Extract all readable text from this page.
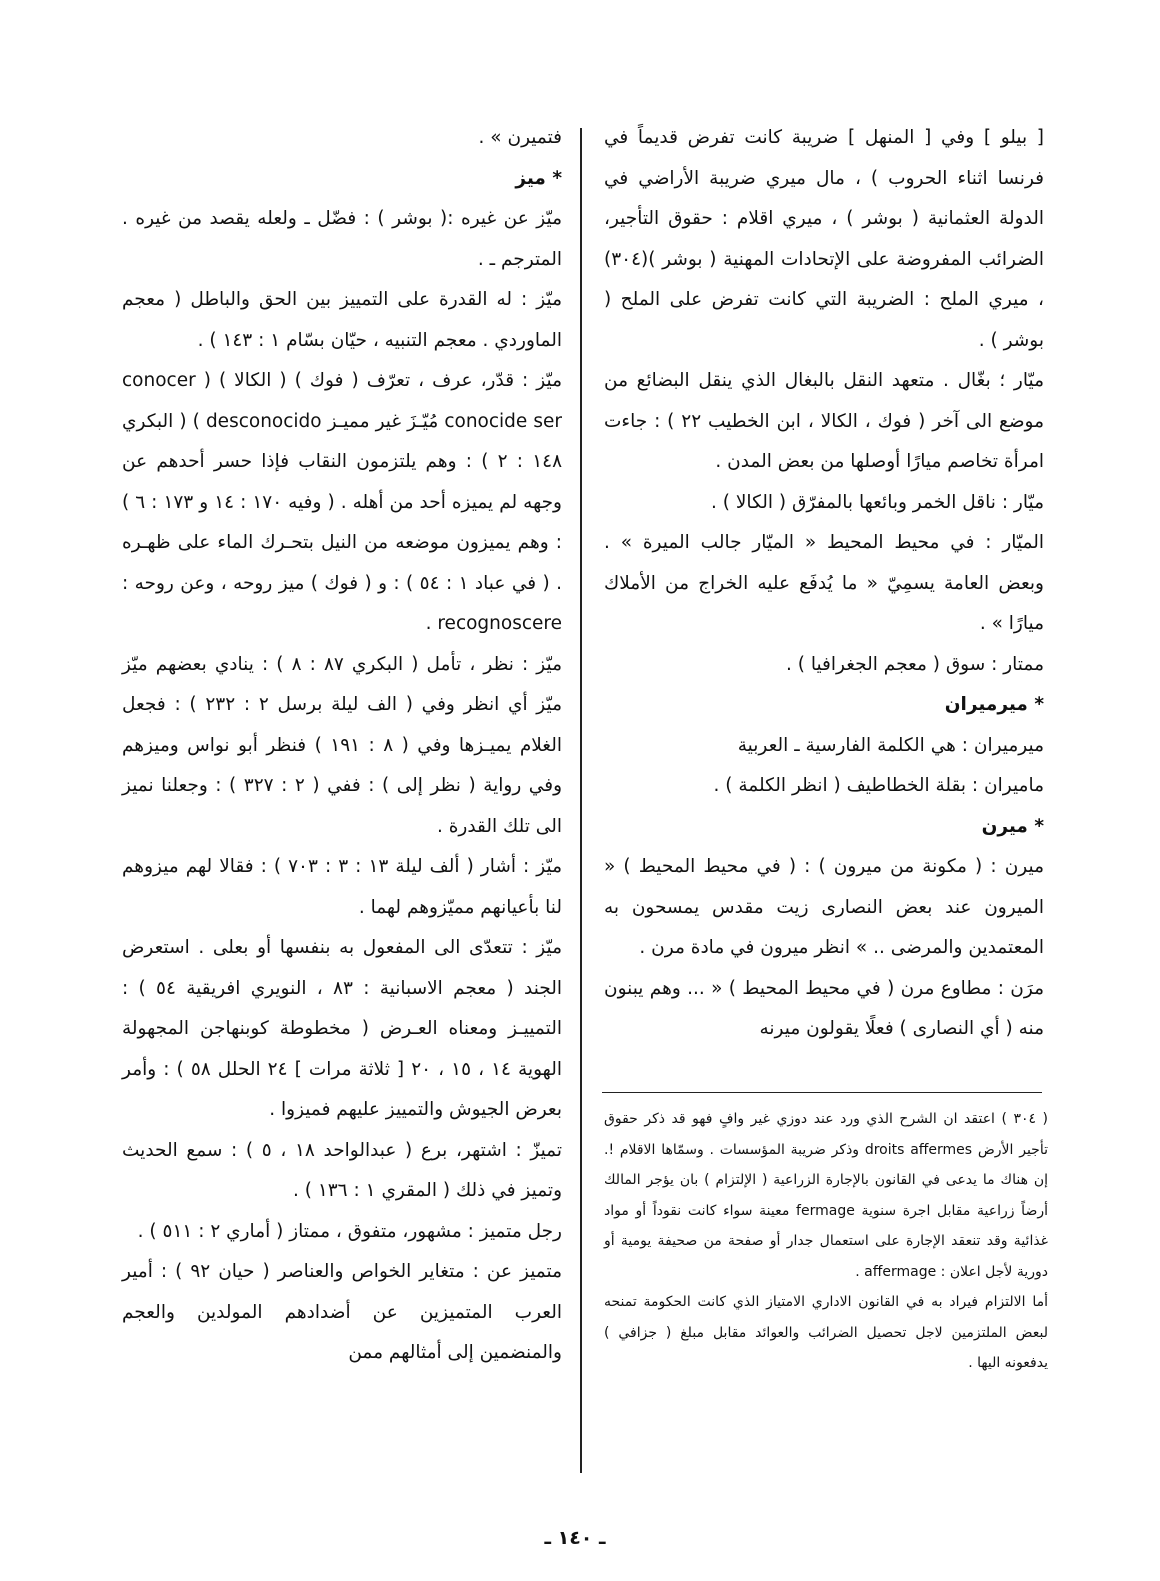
[ بيلو ] وفي [ المنهل ] ضريبة كانت تفرض قديماً في فرنسا اثناء الحروب ) ، مال ميري ضريبة الأراضي في الدولة العثمانية ( بوشر ) ، ميري اقلام : حقوق التأجير، الضرائب المفروضة على الإتحادات المهنية ( بوشر )(٣٠٤) ، ميري الملح : الضريبة التي كانت تفرض على الملح ( بوشر ) .

ميّار ؛ بغّال . متعهد النقل بالبغال الذي ينقل البضائع من موضع الى آخر ( فوك ، الكالا ، ابن الخطيب ٢٢ ) : جاءت امرأة تخاصم ميارًا أوصلها من بعض المدن .

ميّار : ناقل الخمر وبائعها بالمفرّق ( الكالا ) .

الميّار : في محيط المحيط « الميّار جالب الميرة » . وبعض العامة يسمِيّ « ما يُدفَع عليه الخراج من الأملاك ميارًا » .

ممتار : سوق ( معجم الجغرافيا ) .

* ميرميران

ميرميران : هي الكلمة الفارسية ـ العربية

ماميران : بقلة الخطاطيف ( انظر الكلمة ) .

* ميرن

ميرن : ( مكونة من ميرون ) : ( في محيط المحيط ) « الميرون عند بعض النصارى زيت مقدس يمسحون به المعتمدين والمرضى .. » انظر ميرون في مادة مرن .

مرَن : مطاوع مرن ( في محيط المحيط ) « ... وهم يبنون منه ( أي النصارى ) فعلًا يقولون ميرنه

فتميرن » .

* ميز

ميّز عن غيره :( بوشر ) : فضّل ـ ولعله يقصد من غيره . المترجم ـ .

ميّز : له القدرة على التمييز بين الحق والباطل ( معجم الماوردي . معجم التنبيه ، حيّان بسّام ١ : ١٤٣ ) .

ميّز : قدّر، عرف ، تعرّف ( فوك ) ( الكالا ) ( conocer conocide ser مُيّـزَ غير مميـز desconocido ) ( البكري ١٤٨ : ٢ ) : وهم يلتزمون النقاب فإذا حسر أحدهم عن وجهه لم يميزه أحد من أهله . ( وفيه ١٧٠ : ١٤ و ١٧٣ : ٦ ) : وهم يميزون موضعه من النيل بتحـرك الماء على ظهـره . ( في عباد ١ : ٥٤ ) : و ( فوك ) ميز روحه ، وعن روحه : recognoscere .

ميّز : نظر ، تأمل ( البكري ٨٧ : ٨ ) : ينادي بعضهم ميّز ميّز أي انظر وفي ( الف ليلة برسل ٢ : ٢٣٢ ) : فجعل الغلام يميـزها وفي ( ٨ : ١٩١ ) فنظر أبو نواس وميزهم وفي رواية ( نظر إلى ) : ففي ( ٢ : ٣٢٧ ) : وجعلنا نميز الى تلك القدرة .

ميّز : أشار ( ألف ليلة ١٣ : ٣ : ٧٠٣ ) : فقالا لهم ميزوهم لنا بأعيانهم مميّزوهم لهما .

ميّز : تتعدّى الى المفعول به بنفسها أو بعلى . استعرض الجند ( معجم الاسبانية : ٨٣ ، النويري افريقية ٥٤ ) : التمييـز ومعناه العـرض ( مخطوطة كوبنهاجن المجهولة الهوية ١٤ ، ١٥ ، ٢٠ [ ثلاثة مرات ] ٢٤ الحلل ٥٨ ) : وأمر بعرض الجيوش والتمييز عليهم فميزوا .

تميزّ : اشتهر، برع ( عبدالواحد ١٨ ، ٥ ) : سمع الحديث وتميز في ذلك ( المقري ١ : ١٣٦ ) .

رجل متميز : مشهور، متفوق ، ممتاز ( أماري ٢ : ٥١١ ) .

متميز عن : متغاير الخواص والعناصر ( حيان ٩٢ ) : أمير العرب المتميزين عن أضدادهم المولدين والعجم والمنضمين إلى أمثالهم ممن

( ٣٠٤ ) اعتقد ان الشرح الذي ورد عند دوزي غير وافٍ فهو قد ذكر حقوق تأجير الأرض droits affermes وذكر ضريبة المؤسسات . وسمّاها الاقلام !. إن هناك ما يدعى في القانون بالإجارة الزراعية ( الإلتزام ) بان يؤجر المالك أرضاً زراعية مقابل اجرة سنوية fermage معينة سواء كانت نقوداً أو مواد غذائية وقد تنعقد الإجارة على استعمال جدار أو صفحة من صحيفة يومية أو دورية لأجل اعلان : affermage .

أما الالتزام فيراد به في القانون الاداري الامتياز الذي كانت الحكومة تمنحه لبعض الملتزمين لاجل تحصيل الضرائب والعوائد مقابل مبلغ ( جزافي ) يدفعونه اليها .

ـ ١٤٠ ـ
